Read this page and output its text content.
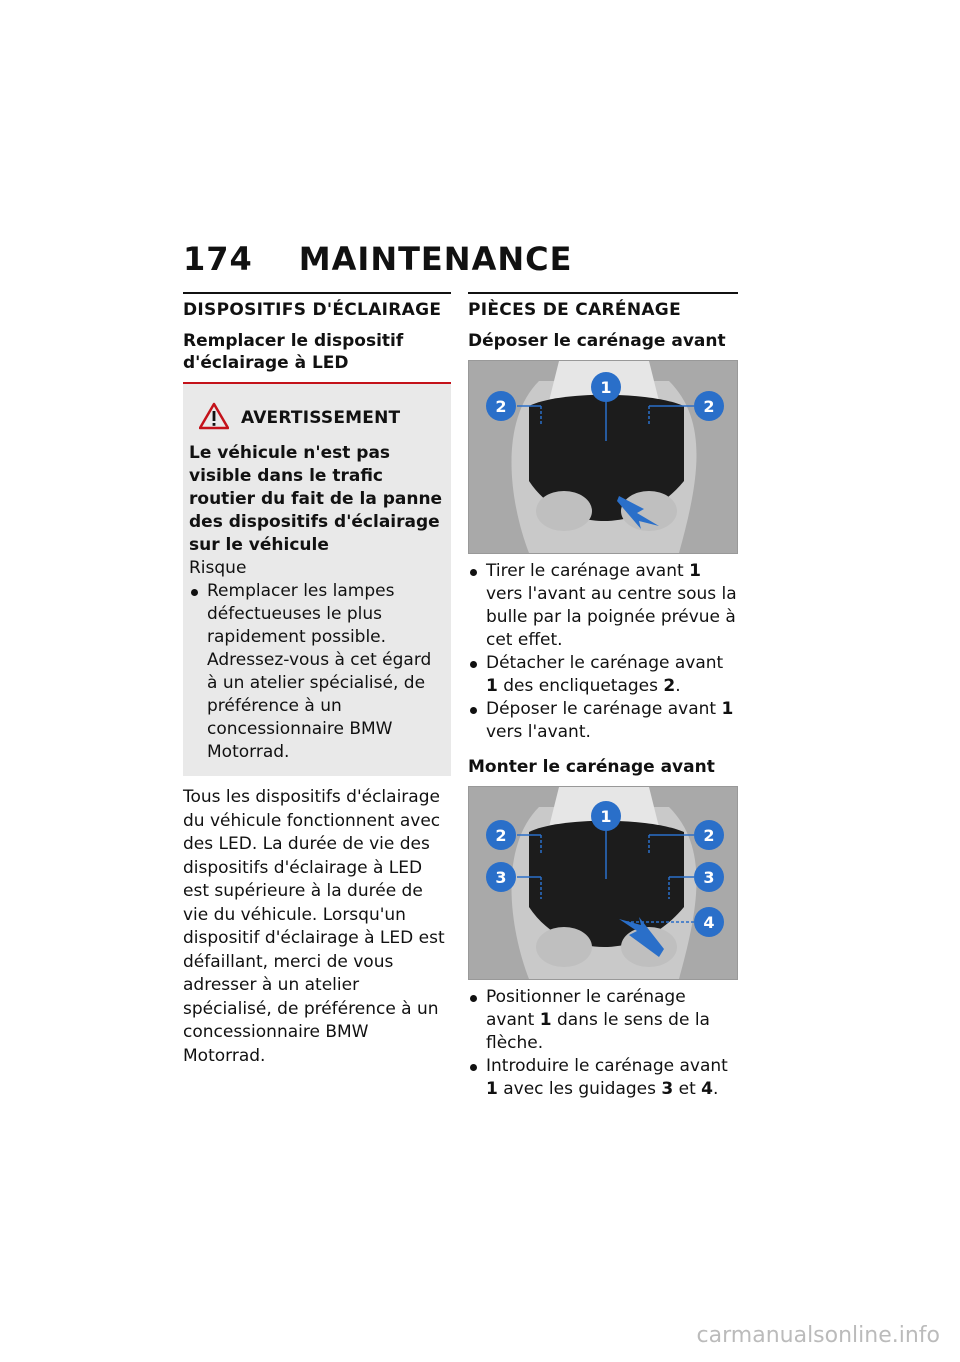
174 MAINTENANCE
DISPOSITIFS D'ÉCLAIRAGE
Remplacer le dispositif d'éclairage à LED
AVERTISSEMENT
Le véhicule n'est pas visible dans le trafic routier du fait de la panne des dispositifs d'éclairage sur le véhicule
Risque
Remplacer les lampes défectueuses le plus rapidement possible. Adressez-vous à cet égard à un atelier spécialisé, de préférence à un concessionnaire BMW Motorrad.
Tous les dispositifs d'éclairage du véhicule fonctionnent avec des LED. La durée de vie des dispositifs d'éclairage à LED est supérieure à la durée de vie du véhicule. Lorsqu'un dispositif d'éclairage à LED est défaillant, merci de vous adresser à un atelier spécialisé, de préférence à un concessionnaire BMW Motorrad.
PIÈCES DE CARÉNAGE
Déposer le carénage avant
2
1
2
Tirer le carénage avant 1 vers l'avant au centre sous la bulle par la poignée prévue à cet effet.
Détacher le carénage avant 1 des encliquetages 2.
Déposer le carénage avant 1 vers l'avant.
Monter le carénage avant
2
1
2
3	3
4
Positionner le carénage avant 1 dans le sens de la flèche.
Introduire le carénage avant 1 avec les guidages 3 et 4.
carmanualsonline.info
